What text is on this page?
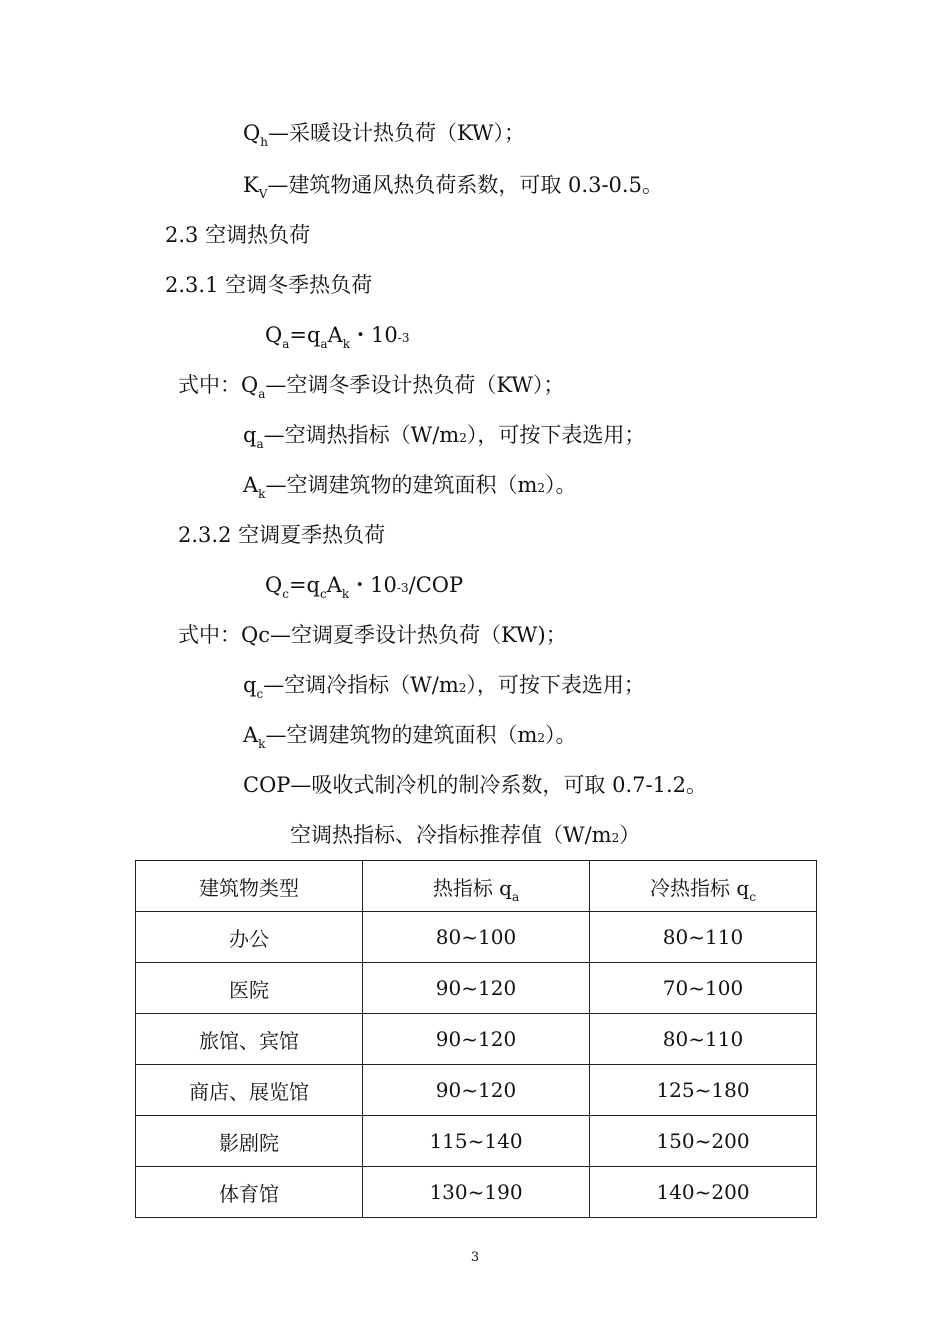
$Q_h—$采暖设计热负荷（KW）；
$K_V—$建筑物通风热负荷系数，可取 0.3-0.5。
2.3 空调热负荷
2.3.1 空调冬季热负荷
$Q_a=q_aA_k$・10-3
式中：$Q_a—$空调冬季设计热负荷（KW）；
$q_a—$空调热指标（W/m2），可按下表选用；
$A_k—$空调建筑物的建筑面积（m2）。
2.3.2 空调夏季热负荷
$Q_c=q_cA_k$・10-3/COP
式中：Qc—空调夏季设计热负荷（KW)；
$q_c—$空调冷指标（W/m2），可按下表选用；
$A_k—$空调建筑物的建筑面积（m2）。
COP—吸收式制冷机的制冷系数，可取 0.7-1.2。
空调热指标、冷指标推荐值（W/m2）
建筑物类型	热指标 $q_a$	冷热指标 $q_c$
办公	80~100	80~110
医院	90~120	70~100
旅馆、宾馆	90~120	80~110
商店、展览馆	90~120	125~180
影剧院	115~140	150~200
体育馆	130~190	140~200
3
